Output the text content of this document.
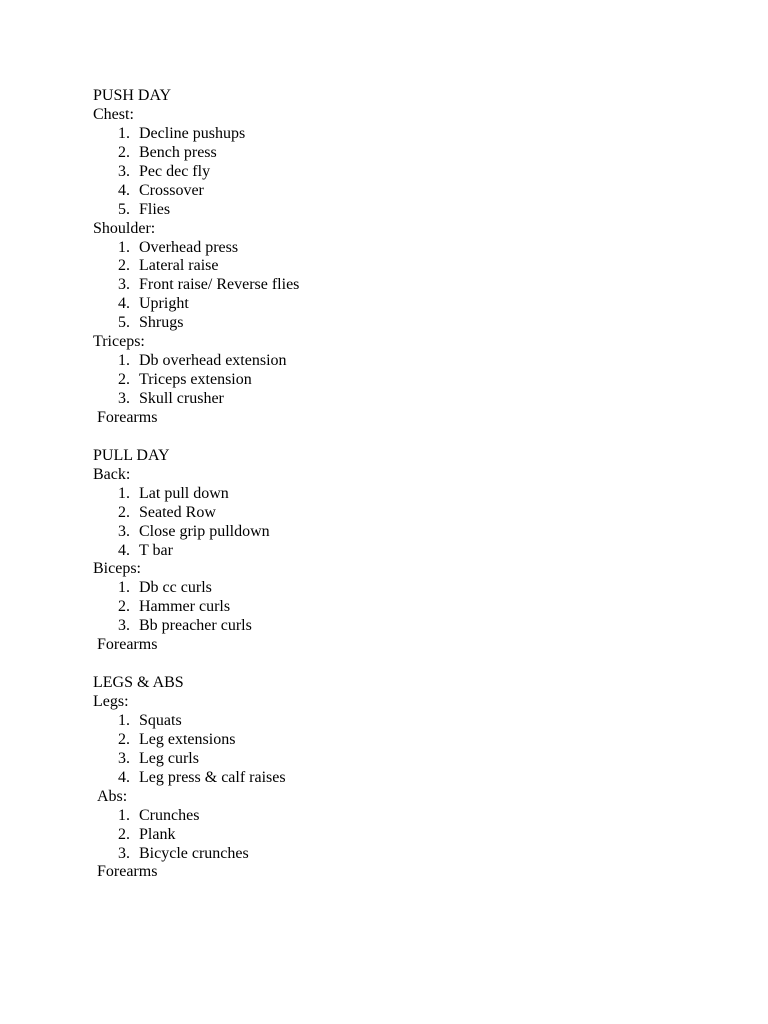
PUSH DAY
Chest:
1. Decline pushups
2. Bench press
3. Pec dec fly
4. Crossover
5. Flies
Shoulder:
1. Overhead press
2. Lateral raise
3. Front raise/ Reverse flies
4. Upright
5. Shrugs
Triceps:
1. Db overhead extension
2. Triceps extension
3. Skull crusher
Forearms
PULL DAY
Back:
1. Lat pull down
2. Seated Row
3. Close grip pulldown
4. T bar
Biceps:
1. Db cc curls
2. Hammer curls
3. Bb preacher curls
Forearms
LEGS & ABS
Legs:
1. Squats
2. Leg extensions
3. Leg curls
4. Leg press & calf raises
Abs:
1. Crunches
2. Plank
3. Bicycle crunches
Forearms
